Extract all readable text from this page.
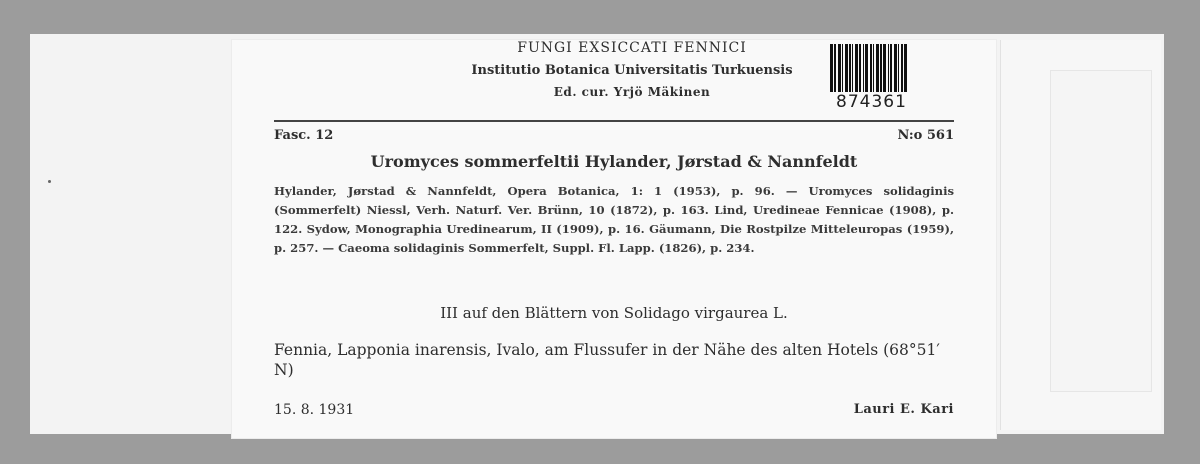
FUNGI EXSICCATI FENNICI
Institutio Botanica Universitatis Turkuensis
Ed. cur. Yrjö Mäkinen	874361
Fasc. 12	N:o 561
Uromyces sommerfeltii Hylander, Jørstad & Nannfeldt
Hylander, Jørstad & Nannfeldt, Opera Botanica, 1: 1 (1953), p. 96. — Uromyces solidaginis (Sommerfelt) Niessl, Verh. Naturf. Ver. Brünn, 10 (1872), p. 163. Lind, Uredineae Fennicae (1908), p. 122. Sydow, Monographia Uredinearum, II (1909), p. 16. Gäumann, Die Rostpilze Mitteleuropas (1959), p. 257. — Caeoma solidaginis Sommerfelt, Suppl. Fl. Lapp. (1826), p. 234.
III auf den Blättern von Solidago virgaurea L.
Fennia, Lapponia inarensis, Ivalo, am Flussufer in der Nähe des alten Hotels (68°51′ N)
15. 8. 1931	Lauri E. Kari
